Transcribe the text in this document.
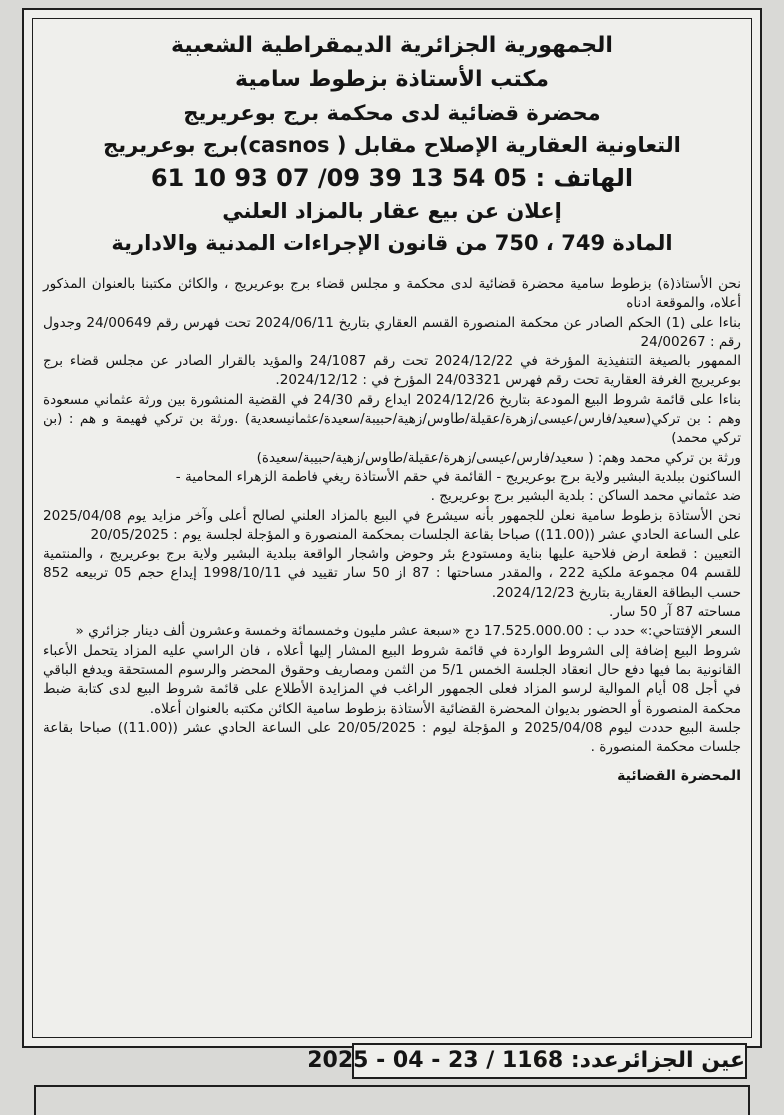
الجمهورية الجزائرية الديمقراطية الشعبية
مكتب الأستاذة بزطوط سامية
محضرة قضائية لدى محكمة برج بوعريريج
التعاونية العقارية الإصلاح مقابل ( casnos)برج بوعريريج
الهاتف : 05 54 13 39 09/ 07 93 10 61
إعلان عن بيع عقار بالمزاد العلني
المادة 749 ، 750 من قانون الإجراءات المدنية والادارية

نحن الأستاذ(ة) بزطوط سامية محضرة قضائية لدى محكمة و مجلس قضاء برج بوعريريج ، والكائن مكتبنا بالعنوان المذكور أعلاه، والموقعة ادناه

بناءا على (1) الحكم الصادر عن محكمة المنصورة القسم العقاري بتاريخ 2024/06/11 تحت فهرس رقم 24/00649 وجدول رقم : 24/00267

الممهور بالصيغة التنفيذية المؤرخة في 2024/12/22 تحت رقم 24/1087 والمؤيد بالقرار الصادر عن مجلس قضاء برج بوعريريج الغرفة العقارية تحت رقم فهرس 24/03321 المؤرخ في : 2024/12/12.

بناءا على قائمة شروط البيع المودعة بتاريخ 2024/12/26 ايداع رقم 24/30 في القضية المنشورة بين ورثة عثماني مسعودة وهم : بن تركي(سعيد/فارس/عيسى/زهرة/عقيلة/طاوس/زهية/حبيبة/سعيدة/عثمانيسعدية) .ورثة بن تركي فهيمة و هم : (بن تركي محمد)

ورثة بن تركي محمد وهم: ( سعيد/فارس/عيسى/زهرة/عقيلة/طاوس/زهية/حبيبة/سعيدة)

الساكنون ببلدية البشير ولاية برج بوعريريج - القائمة في حقم الأستاذة ريغي فاطمة الزهراء المحامية -

ضد عثماني محمد الساكن : بلدية البشير برج بوعريريج .

نحن الأستاذة بزطوط سامية نعلن للجمهور بأنه سيشرع في البيع بالمزاد العلني لصالح أعلى وآخر مزايد يوم 2025/04/08 على الساعة الحادي عشر ((11.00)) صباحا بقاعة الجلسات بمحكمة المنصورة و المؤجلة لجلسة يوم : 20/05/2025

التعيين : قطعة ارض فلاحية عليها بناية ومستودع بئر وحوض واشجار الواقعة ببلدية البشير ولاية برج بوعريريج ، والمنتمية للقسم 04 مجموعة ملكية 222 ، والمقدر مساحتها : 87 از 50 سار تقييد في 1998/10/11 إيداع حجم 05 تربيعه 852 حسب البطاقة العقارية بتاريخ 2024/12/23.

مساحته 87 آر 50 سار.

السعر الإفتتاحي:» حدد ب : 17.525.000.00 دج «سبعة عشر مليون وخمسمائة وخمسة وعشرون ألف دينار جزائري «

شروط البيع إضافة إلى الشروط الواردة في قائمة شروط البيع المشار إليها أعلاه ، فان الراسي عليه المزاد يتحمل الأعباء القانونية بما فيها دفع حال انعقاد الجلسة الخمس 5/1 من الثمن ومصاريف وحقوق المحضر والرسوم المستحقة ويدفع الباقي في أجل 08 أيام الموالية لرسو المزاد فعلى الجمهور الراغب في المزايدة الأطلاع على قائمة شروط البيع لدى كتابة ضبط محكمة المنصورة أو الحضور بديوان المحضرة القضائية الأستاذة بزطوط سامية الكائن مكتبه بالعنوان أعلاه.

جلسة البيع حددت ليوم 2025/04/08 و المؤجلة ليوم : 20/05/2025 على الساعة الحادي عشر ((11.00)) صباحا بقاعة جلسات محكمة المنصورة .

المحضرة القضائية
عين الجزائرعدد: 1168 / 23 - 04 - 2025
